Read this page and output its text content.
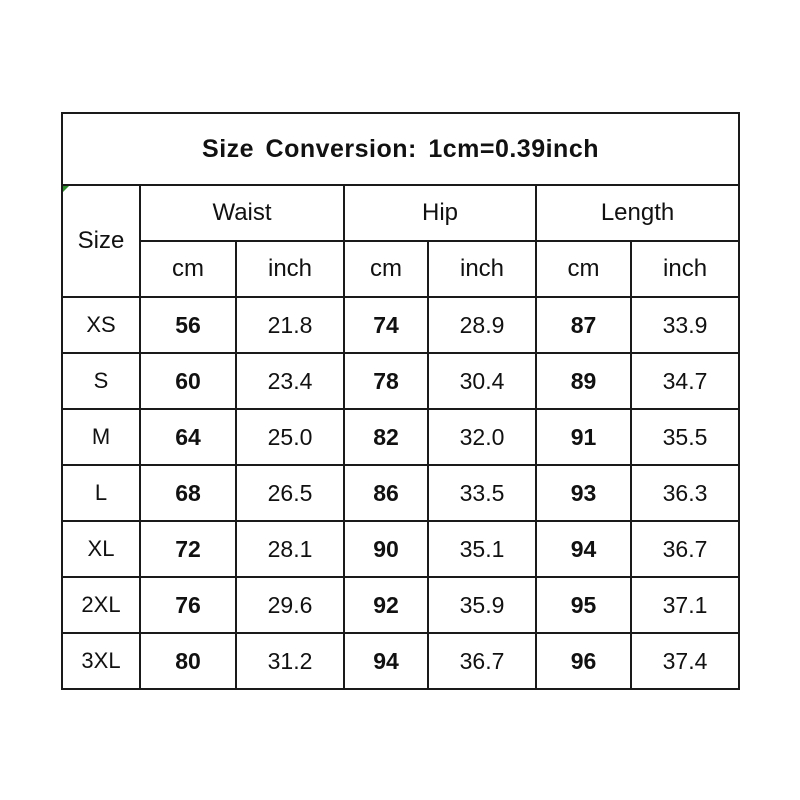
Size Conversion: 1cm=0.39inch						

Size	Waist		Hip		Length	
	cm	inch	cm	inch	cm	inch
XS	56	21.8	74	28.9	87	33.9
S	60	23.4	78	30.4	89	34.7
M	64	25.0	82	32.0	91	35.5
L	68	26.5	86	33.5	93	36.3
XL	72	28.1	90	35.1	94	36.7
2XL	76	29.6	92	35.9	95	37.1
3XL	80	31.2	94	36.7	96	37.4
